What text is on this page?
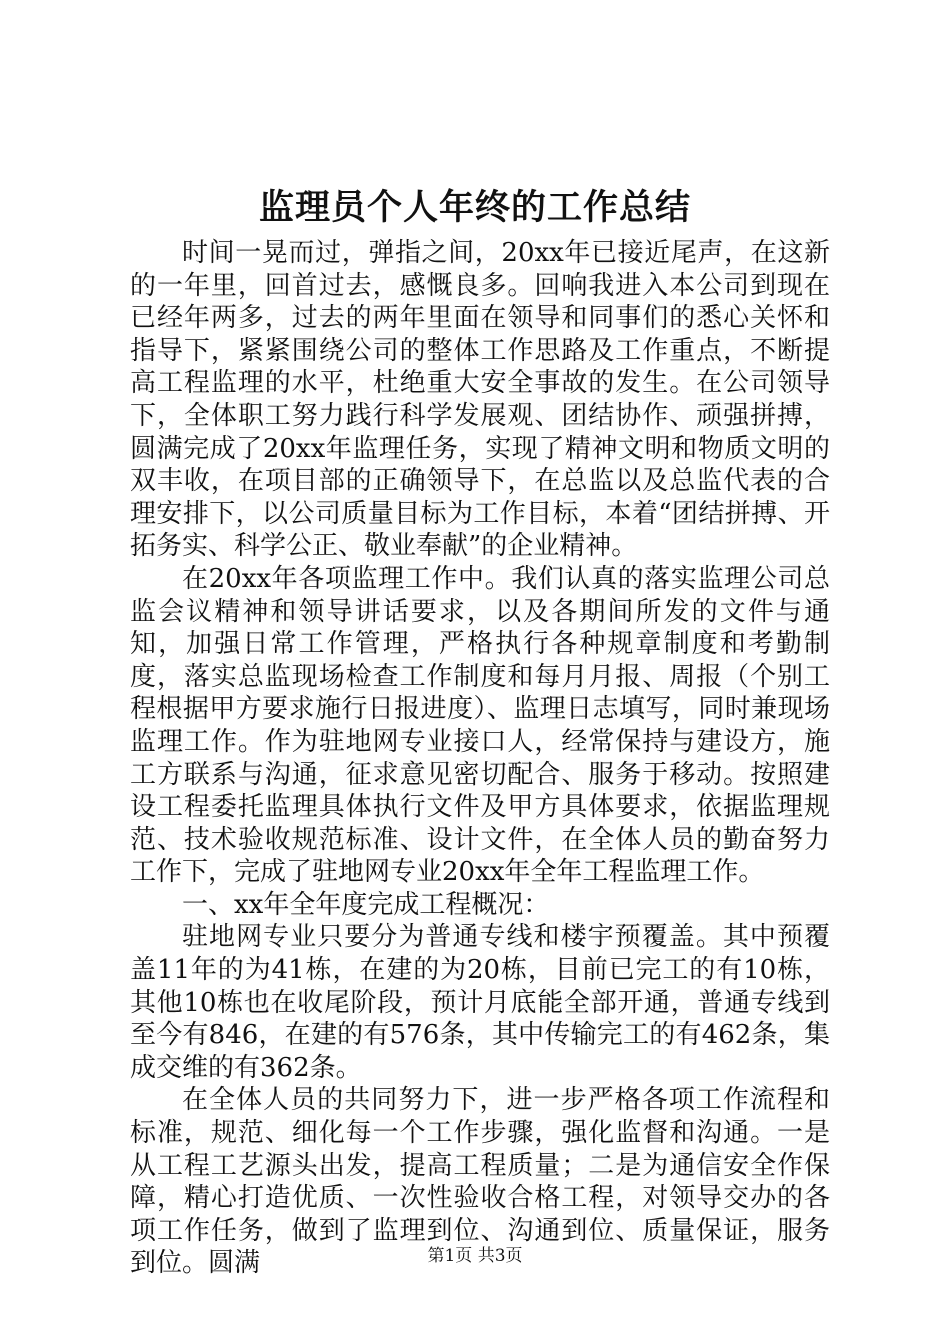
监理员个人年终的工作总结

时间一晃而过，弹指之间，20xx年已接近尾声，在这新的一年里，回首过去，感慨良多。回响我进入本公司到现在已经年两多，过去的两年里面在领导和同事们的悉心关怀和指导下，紧紧围绕公司的整体工作思路及工作重点，不断提高工程监理的水平，杜绝重大安全事故的发生。在公司领导下，全体职工努力践行科学发展观、团结协作、顽强拼搏，圆满完成了20xx年监理任务，实现了精神文明和物质文明的双丰收，在项目部的正确领导下，在总监以及总监代表的合理安排下，以公司质量目标为工作目标，本着“团结拼搏、开拓务实、科学公正、敬业奉献”的企业精神。

在20xx年各项监理工作中。我们认真的落实监理公司总监会议精神和领导讲话要求，以及各期间所发的文件与通知，加强日常工作管理，严格执行各种规章制度和考勤制度，落实总监现场检查工作制度和每月月报、周报（个别工程根据甲方要求施行日报进度）、监理日志填写，同时兼现场监理工作。作为驻地网专业接口人，经常保持与建设方，施工方联系与沟通，征求意见密切配合、服务于移动。按照建设工程委托监理具体执行文件及甲方具体要求，依据监理规范、技术验收规范标准、设计文件，在全体人员的勤奋努力工作下，完成了驻地网专业20xx年全年工程监理工作。

一、xx年全年度完成工程概况：

驻地网专业只要分为普通专线和楼宇预覆盖。其中预覆盖11年的为41栋，在建的为20栋，目前已完工的有10栋，其他10栋也在收尾阶段，预计月底能全部开通，普通专线到至今有846，在建的有576条，其中传输完工的有462条，集成交维的有362条。

在全体人员的共同努力下，进一步严格各项工作流程和标准，规范、细化每一个工作步骤，强化监督和沟通。一是从工程工艺源头出发，提高工程质量；二是为通信安全作保障，精心打造优质、一次性验收合格工程，对领导交办的各项工作任务，做到了监理到位、沟通到位、质量保证，服务到位。圆满	第1页 共3页
